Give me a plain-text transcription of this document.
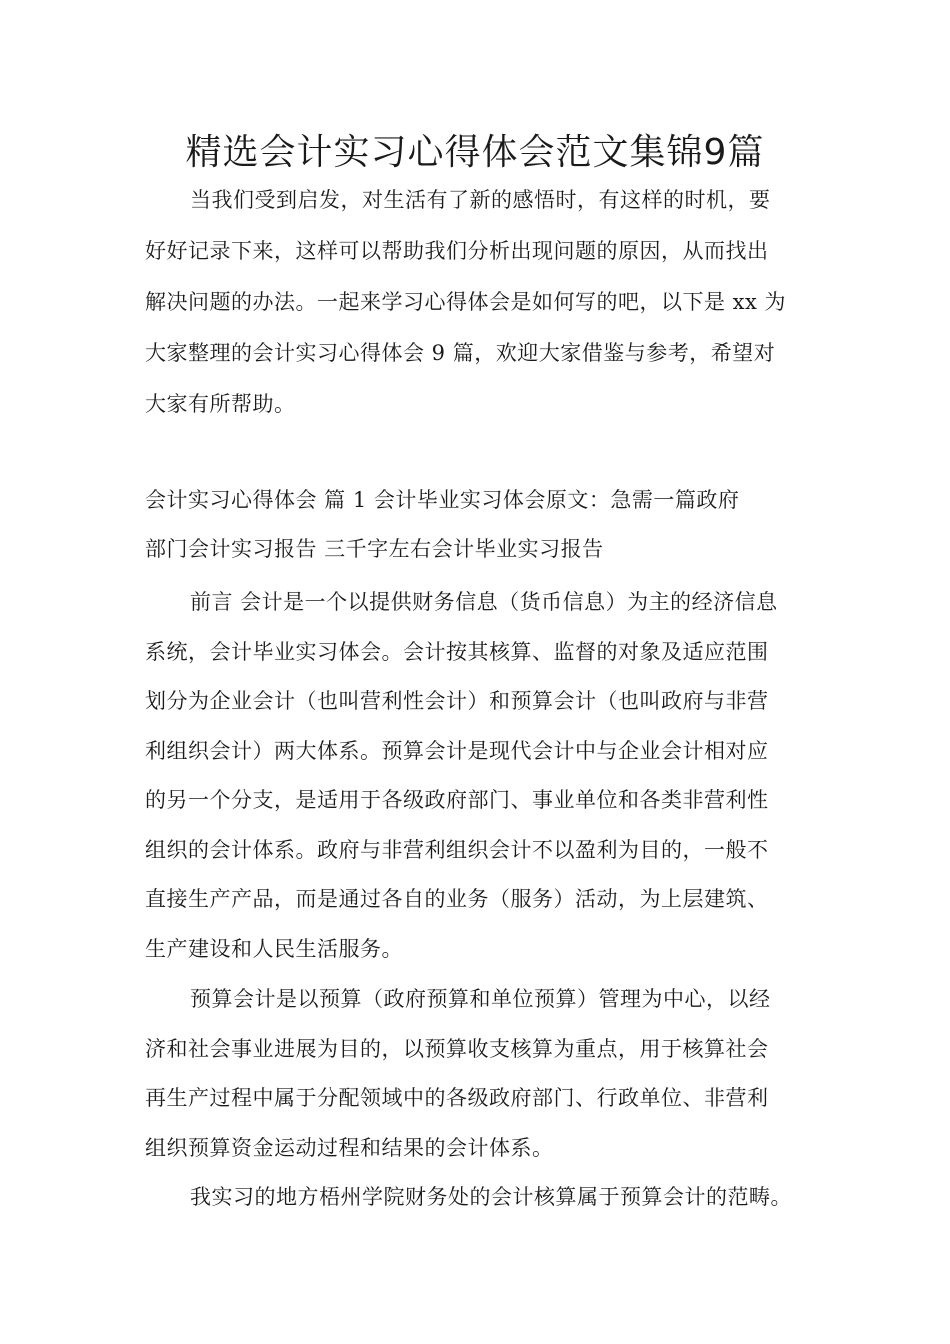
精选会计实习心得体会范文集锦9篇
当我们受到启发，对生活有了新的感悟时，有这样的时机，要
好好记录下来，这样可以帮助我们分析出现问题的原因，从而找出
解决问题的办法。一起来学习心得体会是如何写的吧，以下是 xx 为
大家整理的会计实习心得体会 9 篇，欢迎大家借鉴与参考，希望对
大家有所帮助。
会计实习心得体会 篇 1 会计毕业实习体会原文：急需一篇政府
部门会计实习报告 三千字左右会计毕业实习报告
前言 会计是一个以提供财务信息（货币信息）为主的经济信息
系统，会计毕业实习体会。会计按其核算、监督的对象及适应范围
划分为企业会计（也叫营利性会计）和预算会计（也叫政府与非营
利组织会计）两大体系。预算会计是现代会计中与企业会计相对应
的另一个分支，是适用于各级政府部门、事业单位和各类非营利性
组织的会计体系。政府与非营利组织会计不以盈利为目的，一般不
直接生产产品，而是通过各自的业务（服务）活动，为上层建筑、
生产建设和人民生活服务。
预算会计是以预算（政府预算和单位预算）管理为中心，以经
济和社会事业进展为目的，以预算收支核算为重点，用于核算社会
再生产过程中属于分配领域中的各级政府部门、行政单位、非营利
组织预算资金运动过程和结果的会计体系。
我实习的地方梧州学院财务处的会计核算属于预算会计的范畴。
